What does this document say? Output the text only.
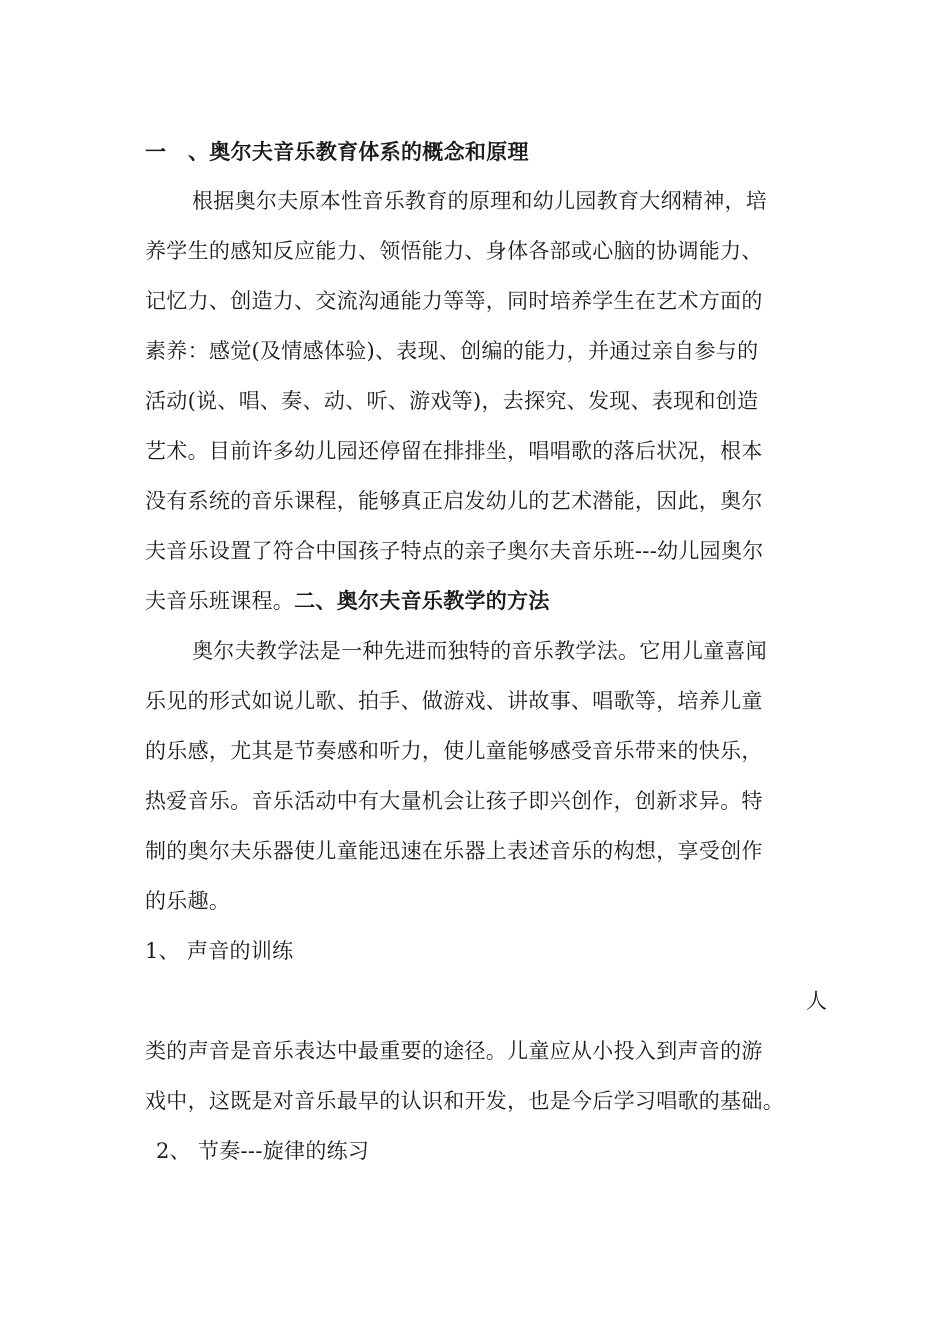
一 、奥尔夫音乐教育体系的概念和原理
根据奥尔夫原本性音乐教育的原理和幼儿园教育大纲精神，培
养学生的感知反应能力、领悟能力、身体各部或心脑的协调能力、
记忆力、创造力、交流沟通能力等等，同时培养学生在艺术方面的
素养：感觉(及情感体验)、表现、创编的能力，并通过亲自参与的
活动(说、唱、奏、动、听、游戏等)，去探究、发现、表现和创造
艺术。目前许多幼儿园还停留在排排坐，唱唱歌的落后状况，根本
没有系统的音乐课程，能够真正启发幼儿的艺术潜能，因此，奥尔
夫音乐设置了符合中国孩子特点的亲子奥尔夫音乐班---幼儿园奥尔
夫音乐班课程。二、奥尔夫音乐教学的方法
奥尔夫教学法是一种先进而独特的音乐教学法。它用儿童喜闻
乐见的形式如说儿歌、拍手、做游戏、讲故事、唱歌等，培养儿童
的乐感，尤其是节奏感和听力，使儿童能够感受音乐带来的快乐，
热爱音乐。音乐活动中有大量机会让孩子即兴创作，创新求异。特
制的奥尔夫乐器使儿童能迅速在乐器上表述音乐的构想，享受创作
的乐趣。
1、 声音的训练
人
类的声音是音乐表达中最重要的途径。儿童应从小投入到声音的游
戏中，这既是对音乐最早的认识和开发，也是今后学习唱歌的基础。
2、 节奏---旋律的练习
